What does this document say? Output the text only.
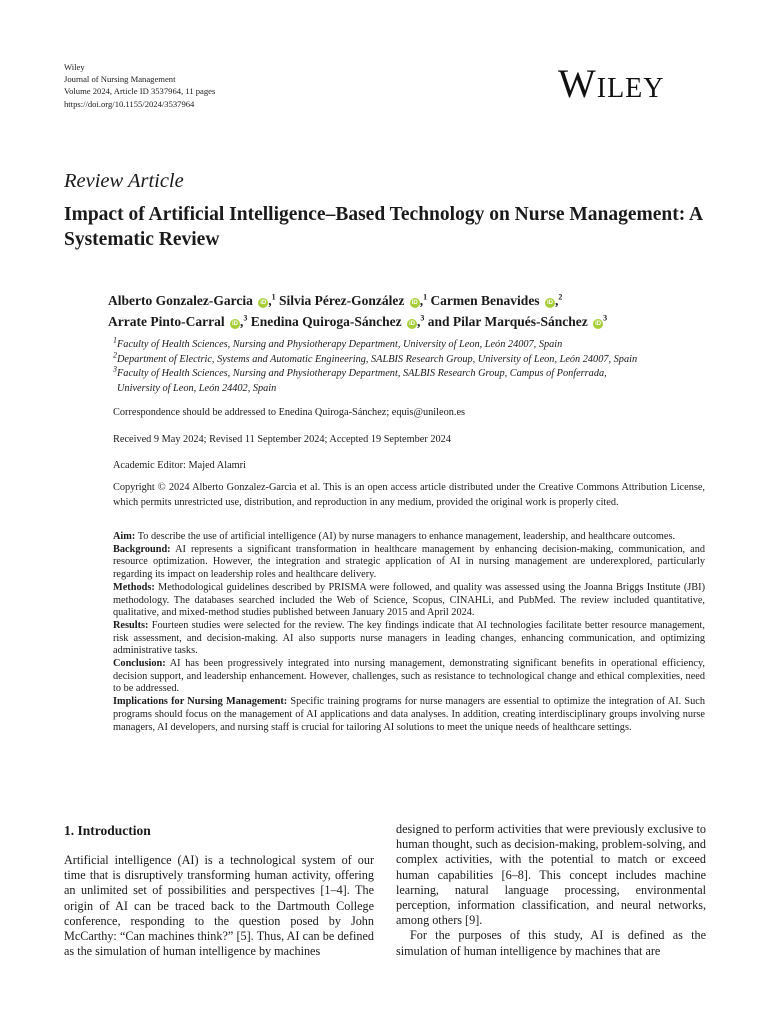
Wiley
Journal of Nursing Management
Volume 2024, Article ID 3537964, 11 pages
https://doi.org/10.1155/2024/3537964	Wiley
Review Article
Impact of Artificial Intelligence–Based Technology on Nurse Management: A Systematic Review
Alberto Gonzalez-Garcia iD ,$^1$ Silvia Pérez-González iD ,$^1$ Carmen Benavides iD ,$^2$
Arrate Pinto-Carral iD ,$^3$ Enedina Quiroga-Sánchez iD ,$^3$ and Pilar Marqués-Sánchez $iD^3$
$^1$Faculty of Health Sciences, Nursing and Physiotherapy Department, University of Leon, León 24007, Spain
$^2$Department of Electric, Systems and Automatic Engineering, SALBIS Research Group, University of Leon, León 24007, Spain
$^3$Faculty of Health Sciences, Nursing and Physiotherapy Department, SALBIS Research Group, Campus of Ponferrada,
University of Leon, León 24402, Spain
Correspondence should be addressed to Enedina Quiroga-Sánchez; equis@unileon.es
Received 9 May 2024; Revised 11 September 2024; Accepted 19 September 2024
Academic Editor: Majed Alamri
Copyright © 2024 Alberto Gonzalez-Garcia et al. This is an open access article distributed under the Creative Commons Attribution License, which permits unrestricted use, distribution, and reproduction in any medium, provided the original work is properly cited.

Aim: To describe the use of artificial intelligence (AI) by nurse managers to enhance management, leadership, and healthcare outcomes.

Background: AI represents a significant transformation in healthcare management by enhancing decision-making, communication, and resource optimization. However, the integration and strategic application of AI in nursing management are underexplored, particularly regarding its impact on leadership roles and healthcare delivery.

Methods: Methodological guidelines described by PRISMA were followed, and quality was assessed using the Joanna Briggs Institute (JBI) methodology. The databases searched included the Web of Science, Scopus, CINAHLi, and PubMed. The review included quantitative, qualitative, and mixed-method studies published between January 2015 and April 2024.

Results: Fourteen studies were selected for the review. The key findings indicate that AI technologies facilitate better resource management, risk assessment, and decision-making. AI also supports nurse managers in leading changes, enhancing communication, and optimizing administrative tasks.

Conclusion: AI has been progressively integrated into nursing management, demonstrating significant benefits in operational efficiency, decision support, and leadership enhancement. However, challenges, such as resistance to technological change and ethical complexities, need to be addressed.

Implications for Nursing Management: Specific training programs for nurse managers are essential to optimize the integration of AI. Such programs should focus on the management of AI applications and data analyses. In addition, creating interdisciplinary groups involving nurse managers, AI developers, and nursing staff is crucial for tailoring AI solutions to meet the unique needs of healthcare settings.

1. Introduction

Artificial intelligence (AI) is a technological system of our time that is disruptively transforming human activity, offering an unlimited set of possibilities and perspectives [1–4]. The origin of AI can be traced back to the Dartmouth College conference, responding to the question posed by John McCarthy: “Can machines think?” [5]. Thus, AI can be defined as the simulation of human intelligence by machines

designed to perform activities that were previously exclusive to human thought, such as decision-making, problem-solving, and complex activities, with the potential to match or exceed human capabilities [6–8]. This concept includes machine learning, natural language processing, environmental perception, information classification, and neural networks, among others [9].

For the purposes of this study, AI is defined as the simulation of human intelligence by machines that are
